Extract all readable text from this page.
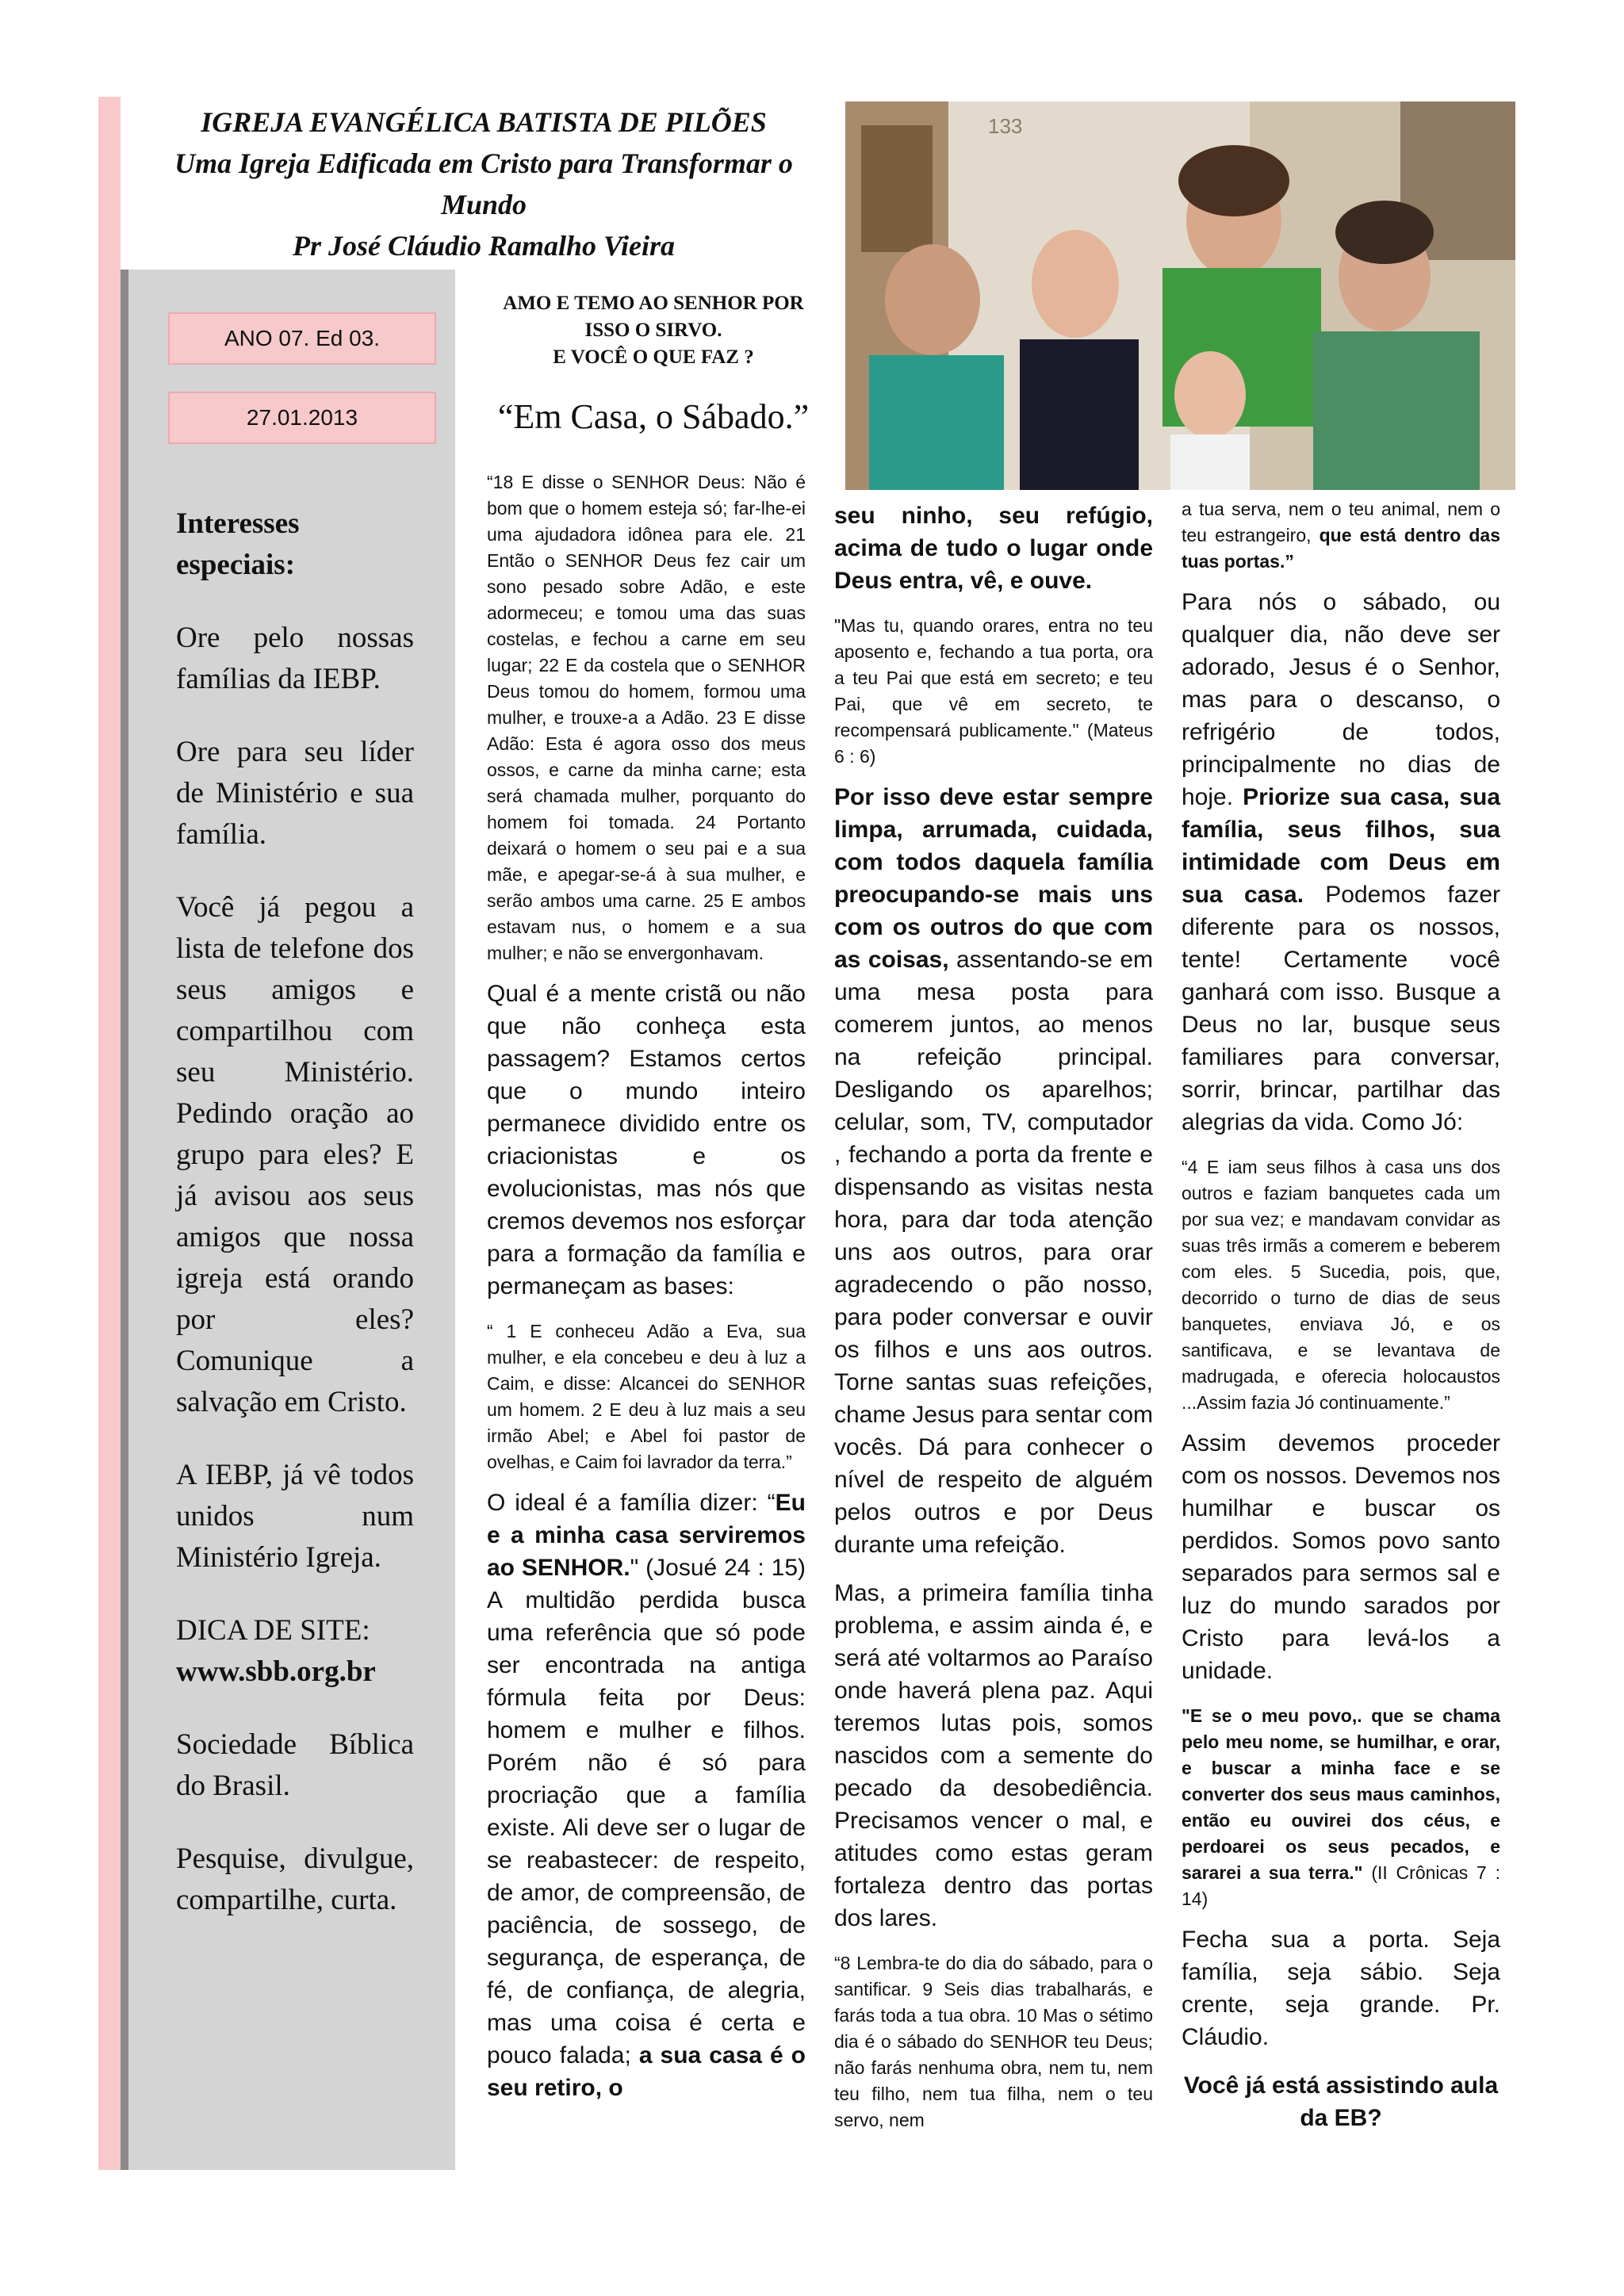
IGREJA EVANGÉLICA BATISTA DE PILÕES
Uma Igreja Edificada em Cristo para Transformar o
Mundo
Pr José Cláudio Ramalho Vieira
ANO 07. Ed 03.
27.01.2013

Interesses especiais:

Ore pelo nossas famílias da IEBP.

Ore para seu líder de Ministério e sua família.

Você já pegou a lista de telefone dos seus amigos e compartilhou com seu Ministério. Pedindo oração ao grupo para eles? E já avisou aos seus amigos que nossa igreja está orando por eles? Comunique a salvação em Cristo.

A IEBP, já vê todos unidos num Ministério Igreja.

DICA DE SITE:
www.sbb.org.br

Sociedade Bíblica do Brasil.

Pesquise, divulgue, compartilhe, curta.

AMO E TEMO AO SENHOR POR
ISSO O SIRVO.
E VOCÊ O QUE FAZ ?
“Em Casa, o Sábado.”
133

“18 E disse o SENHOR Deus: Não é bom que o homem esteja só; far-lhe-ei uma ajudadora idônea para ele. 21 Então o SENHOR Deus fez cair um sono pesado sobre Adão, e este adormeceu; e tomou uma das suas costelas, e fechou a carne em seu lugar; 22 E da costela que o SENHOR Deus tomou do homem, formou uma mulher, e trouxe-a a Adão. 23 E disse Adão: Esta é agora osso dos meus ossos, e carne da minha carne; esta será chamada mulher, porquanto do homem foi tomada. 24 Portanto deixará o homem o seu pai e a sua mãe, e apegar-se-á à sua mulher, e serão ambos uma carne. 25 E ambos estavam nus, o homem e a sua mulher; e não se envergonhavam.

Qual é a mente cristã ou não que não conheça esta passagem? Estamos certos que o mundo inteiro permanece dividido entre os criacionistas e os evolucionistas, mas nós que cremos devemos nos esforçar para a formação da família e permaneçam as bases:

“ 1 E conheceu Adão a Eva, sua mulher, e ela concebeu e deu à luz a Caim, e disse: Alcancei do SENHOR um homem. 2 E deu à luz mais a seu irmão Abel; e Abel foi pastor de ovelhas, e Caim foi lavrador da terra.”

O ideal é a família dizer: “Eu e a minha casa serviremos ao SENHOR." (Josué 24 : 15) A multidão perdida busca uma referência que só pode ser encontrada na antiga fórmula feita por Deus: homem e mulher e filhos. Porém não é só para procriação que a família existe. Ali deve ser o lugar de se reabastecer: de respeito, de amor, de compreensão, de paciência, de sossego, de segurança, de esperança, de fé, de confiança, de alegria, mas uma coisa é certa e pouco falada; a sua casa é o seu retiro, o

seu ninho, seu refúgio, acima de tudo o lugar onde Deus entra, vê, e ouve.

"Mas tu, quando orares, entra no teu aposento e, fechando a tua porta, ora a teu Pai que está em secreto; e teu Pai, que vê em secreto, te recompensará publicamente." (Mateus 6 : 6)

Por isso deve estar sempre limpa, arrumada, cuidada, com todos daquela família preocupando-se mais uns com os outros do que com as coisas, assentando-se em uma mesa posta para comerem juntos, ao menos na refeição principal. Desligando os aparelhos; celular, som, TV, computador , fechando a porta da frente e dispensando as visitas nesta hora, para dar toda atenção uns aos outros, para orar agradecendo o pão nosso, para poder conversar e ouvir os filhos e uns aos outros. Torne santas suas refeições, chame Jesus para sentar com vocês. Dá para conhecer o nível de respeito de alguém pelos outros e por Deus durante uma refeição.

Mas, a primeira família tinha problema, e assim ainda é, e será até voltarmos ao Paraíso onde haverá plena paz. Aqui teremos lutas pois, somos nascidos com a semente do pecado da desobediência. Precisamos vencer o mal, e atitudes como estas geram fortaleza dentro das portas dos lares.

“8 Lembra-te do dia do sábado, para o santificar. 9 Seis dias trabalharás, e farás toda a tua obra. 10 Mas o sétimo dia é o sábado do SENHOR teu Deus; não farás nenhuma obra, nem tu, nem teu filho, nem tua filha, nem o teu servo, nem

a tua serva, nem o teu animal, nem o teu estrangeiro, que está dentro das tuas portas.”

Para nós o sábado, ou qualquer dia, não deve ser adorado, Jesus é o Senhor, mas para o descanso, o refrigério de todos, principalmente no dias de hoje. Priorize sua casa, sua família, seus filhos, sua intimidade com Deus em sua casa. Podemos fazer diferente para os nossos, tente! Certamente você ganhará com isso. Busque a Deus no lar, busque seus familiares para conversar, sorrir, brincar, partilhar das alegrias da vida. Como Jó:

“4 E iam seus filhos à casa uns dos outros e faziam banquetes cada um por sua vez; e mandavam convidar as suas três irmãs a comerem e beberem com eles. 5 Sucedia, pois, que, decorrido o turno de dias de seus banquetes, enviava Jó, e os santificava, e se levantava de madrugada, e oferecia holocaustos ...Assim fazia Jó continuamente.”

Assim devemos proceder com os nossos. Devemos nos humilhar e buscar os perdidos. Somos povo santo separados para sermos sal e luz do mundo sarados por Cristo para levá-los a unidade.

"E se o meu povo,. que se chama pelo meu nome, se humilhar, e orar, e buscar a minha face e se converter dos seus maus caminhos, então eu ouvirei dos céus, e perdoarei os seus pecados, e sararei a sua terra." (II Crônicas 7 : 14)

Fecha sua a porta. Seja família, seja sábio. Seja crente, seja grande. Pr. Cláudio.

Você já está assistindo aula da EB?
